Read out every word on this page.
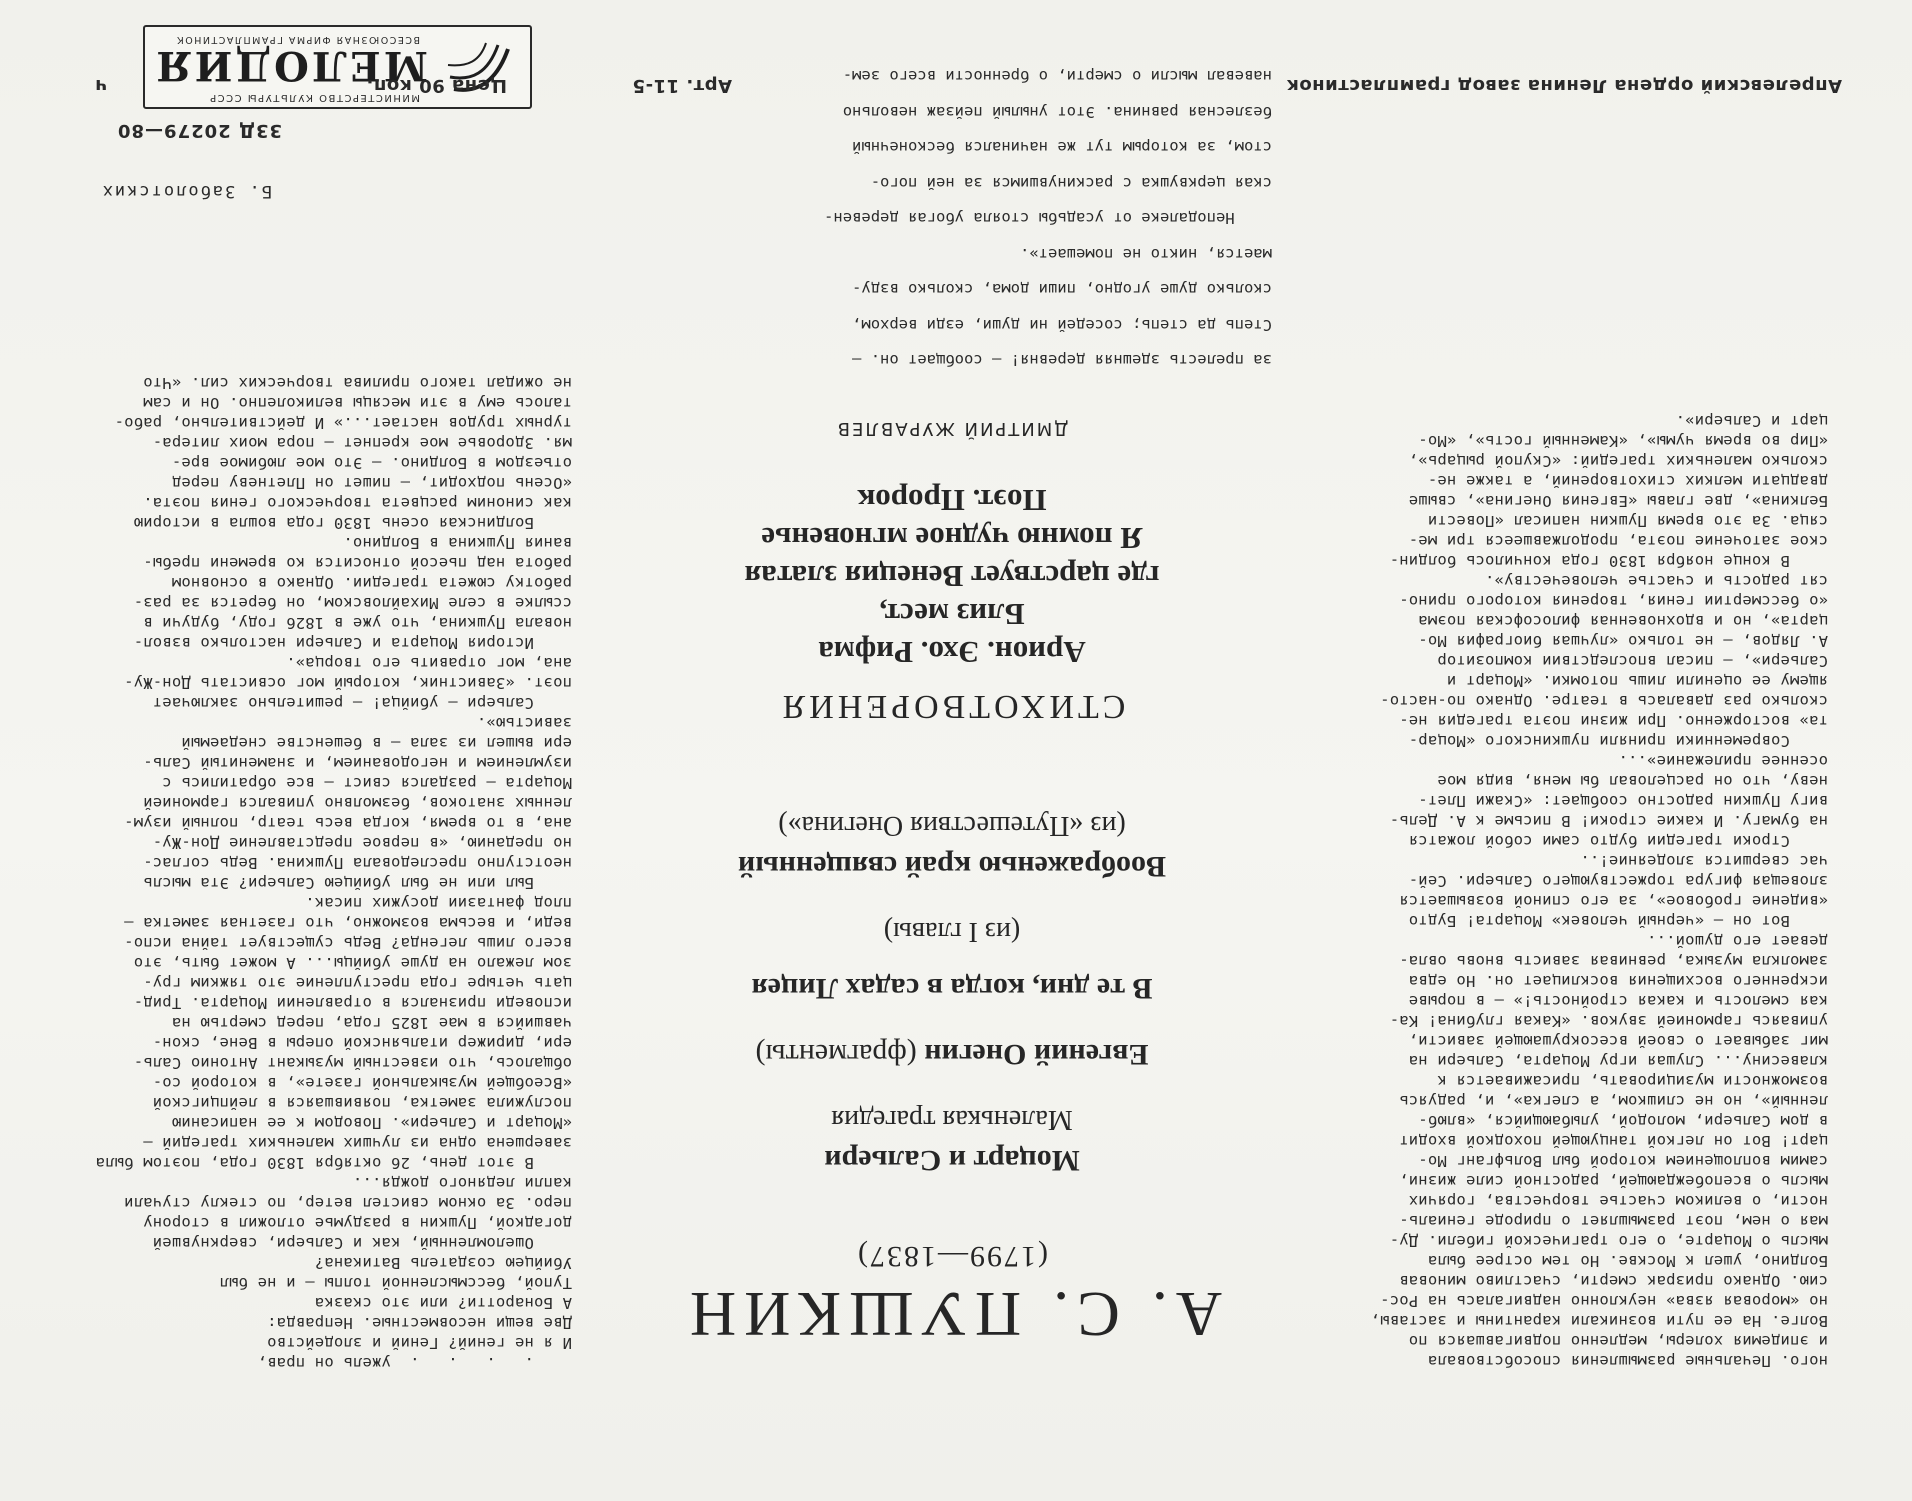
ного. Печальные размышления способствовала

и эпидемия холеры, медленно подвигавшаяся по

Волге. На ее пути возникали карантины и заставы,

но «моровая язва» неуклонно надвигалась на Рос-

сию. Однако призрак смерти, счастливо миновав

Болдино, ушел к Москве. Но тем острее была

мысль о Моцарте, о его трагической гибели. Ду-

мая о нем, поэт размышляет о природе гениаль-

ности, о великом счастье творчества, горячих

мысль о всепобеждающей, радостной силе жизни,

самим воплощением которой был Вольфганг Мо-

царт! Вот он легкой танцующей походкой входит

в дом Сальери, молодой, улыбающийся, «влюб-

ленный», но не слишком, а слегка», и, радуясь

возможности музицировать, присаживается к

клавесину... Слушая игру Моцарта, Сальери на

миг забывает о своей всесокрушающей зависти,

упиваясь гармонией звуков. «Какая глубина! Ка-

кая смелость и какая стройность!» — в порыве

искреннего восхищения восклицает он. Но едва

замолкла музыка, ревнивая зависть вновь овла-

девает его душой...

Вот он — «черный человек» Моцарта! Будто

«видение гробовое», за его спиной возвышается

зловещая фигура торжествующего Сальери. Сей-

час свершится злодеяние!..

Строки трагедии будто сами собой ложатся

на бумагу. И какие строки! В письме к А. Дель-

вигу Пушкин радостно сообщает: «Скажи Плет-

неву, что он расцеловал бы меня, видя мое

осеннее прилежание»...

Современники приняли пушкинского «Моцар-

та» восторженно. При жизни поэта трагедия не-

сколько раз давалась в театре. Однако по-насто-

ящему ее оценили лишь потомки. «Моцарт и

Сальери», — писал впоследствии композитор

А. Лядов, — не только «лучшая биография Мо-

царта», но и вдохновенная философская поэма

«о бессмертии гения, творения которого прино-

сят радость и счастье человечеству».

В конце ноября 1830 года кончилось болдин-

ское заточение поэта, продолжавшееся три ме-

сяца. За это время Пушкин написал «Повести

Белкина», две главы «Евгения Онегина», свыше

двадцати мелких стихотворений, а также не-

сколько маленьких трагедий: «Скупой рыцарь»,

«Пир во время чумы», «Каменный гость», «Мо-

царт и Сальери».

А. С. ПУШКИН
(1799—1837)
Моцарт и Сальери
Маленькая трагедия
Евгений Онегин (фрагменты)
В те дни, когда в садах Лицея
(из I главы)
Воображенью край священный
(из «Путешествия Онегина»)
СТИХОТВОРЕНИЯ
Арион. Эхо. Рифма
Близ мест,
где царствует Венеция златая
Я помню чудное мгновенье
Поэт. Пророк
ДМИТРИЙ ЖУРАВЛЕВ

за прелесть здешняя деревня! — сообщает он. —

Степь да степь; соседей ни души, езди верхом,

сколько душе угодно, пиши дома, сколько взду-

мается, никто не помешает».

Неподалеке от усадьбы стояла убогая деревен-

ская церквушка с раскинувшимся за ней пого-

стом, за которым тут же начинался бесконечный

безлесная равнина. Этот унылый пейзаж невольно

навевал мысли о смерти, о бренности всего зем-

.   .   .   .  ужель он прав,

И я не гений? Гений и злодейство

Две вещи несовместные. Неправда:

А Бонаротти? или это сказка

Тупой, бессмысленной толпы — и не был

Убийцею создатель Ватикана?

Ошеломленный, как и Сальери, сверкнувшей

догадкой, Пушкин в раздумье отложил в сторону

перо. За окном свистел ветер, по стеклу стучали

капли ледяного дождя...

В этот день, 26 октября 1830 года, поэтом была

завершена одна из лучших маленьких трагедий —

«Моцарт и Сальери». Поводом к ее написанию

послужила заметка, появившаяся в лейпцигской

«Всеобщей музыкальной газете», в которой со-

общалось, что известный музыкант Антонио Саль-

ери, дирижер итальянской оперы в Вене, скон-

чавшийся в мае 1825 года, перед смертью на

исповеди признался в отравлении Моцарта. Трид-

цать четыре года преступление это тяжким гру-

зом лежало на душе убийцы... А может быть, это

всего лишь легенда? Ведь существует тайна испо-

веди, и весьма возможно, что газетная заметка —

плод фантазии досужих писак.

Был или не был убийцею Сальери? Эта мысль

неотступно преследовала Пушкина. Ведь соглас-

но преданию, «в первое представление Дон-Жу-

ана, в то время, когда весь театр, полный изум-

ленных знатоков, безмолвно упивался гармонией

Моцарта — раздался свист — все обратились с

изумлением и негодованием, и знаменитый Саль-

ери вышел из зала — в бешенстве снедаемый

завистью».

Сальери — убийца! — решительно заключает

поэт. «Завистник, который мог освистать Дон-Жу-

ана, мог отравить его творца».

История Моцарта и Сальери настолько взвол-

новала Пушкина, что уже в 1826 году, будучи в

ссылке в селе Михайловском, он берется за раз-

работку сюжета трагедии. Однако в основном

работа над пьесой относится ко времени пребы-

вания Пушкина в Болдино.

Болдинская осень 1830 года вошла в историю

как синоним расцвета творческого гения поэта.

«Осень подходит, — пишет он Плетневу перед

отъездом в Болдино. — Это мое любимое вре-

мя. Здоровье мое крепнет — пора моих литера-

турных трудов настает...» И действительно, рабо-

талось ему в эти месяцы великолепно. Он и сам

не ожидал такого прилива творческих сил. «Что

Б. Заболотских
33Д 20279—80
МИНИСТЕРСТВО КУЛЬТУРЫ СССР
МЕЛОДИЯ
ВСЕСОЮЗНАЯ ФИРМА ГРАМПЛАСТИНОК
Апрелевский ордена Ленина завод грампластинок
Арт. 11-5
Цена 90 коп.
ч
